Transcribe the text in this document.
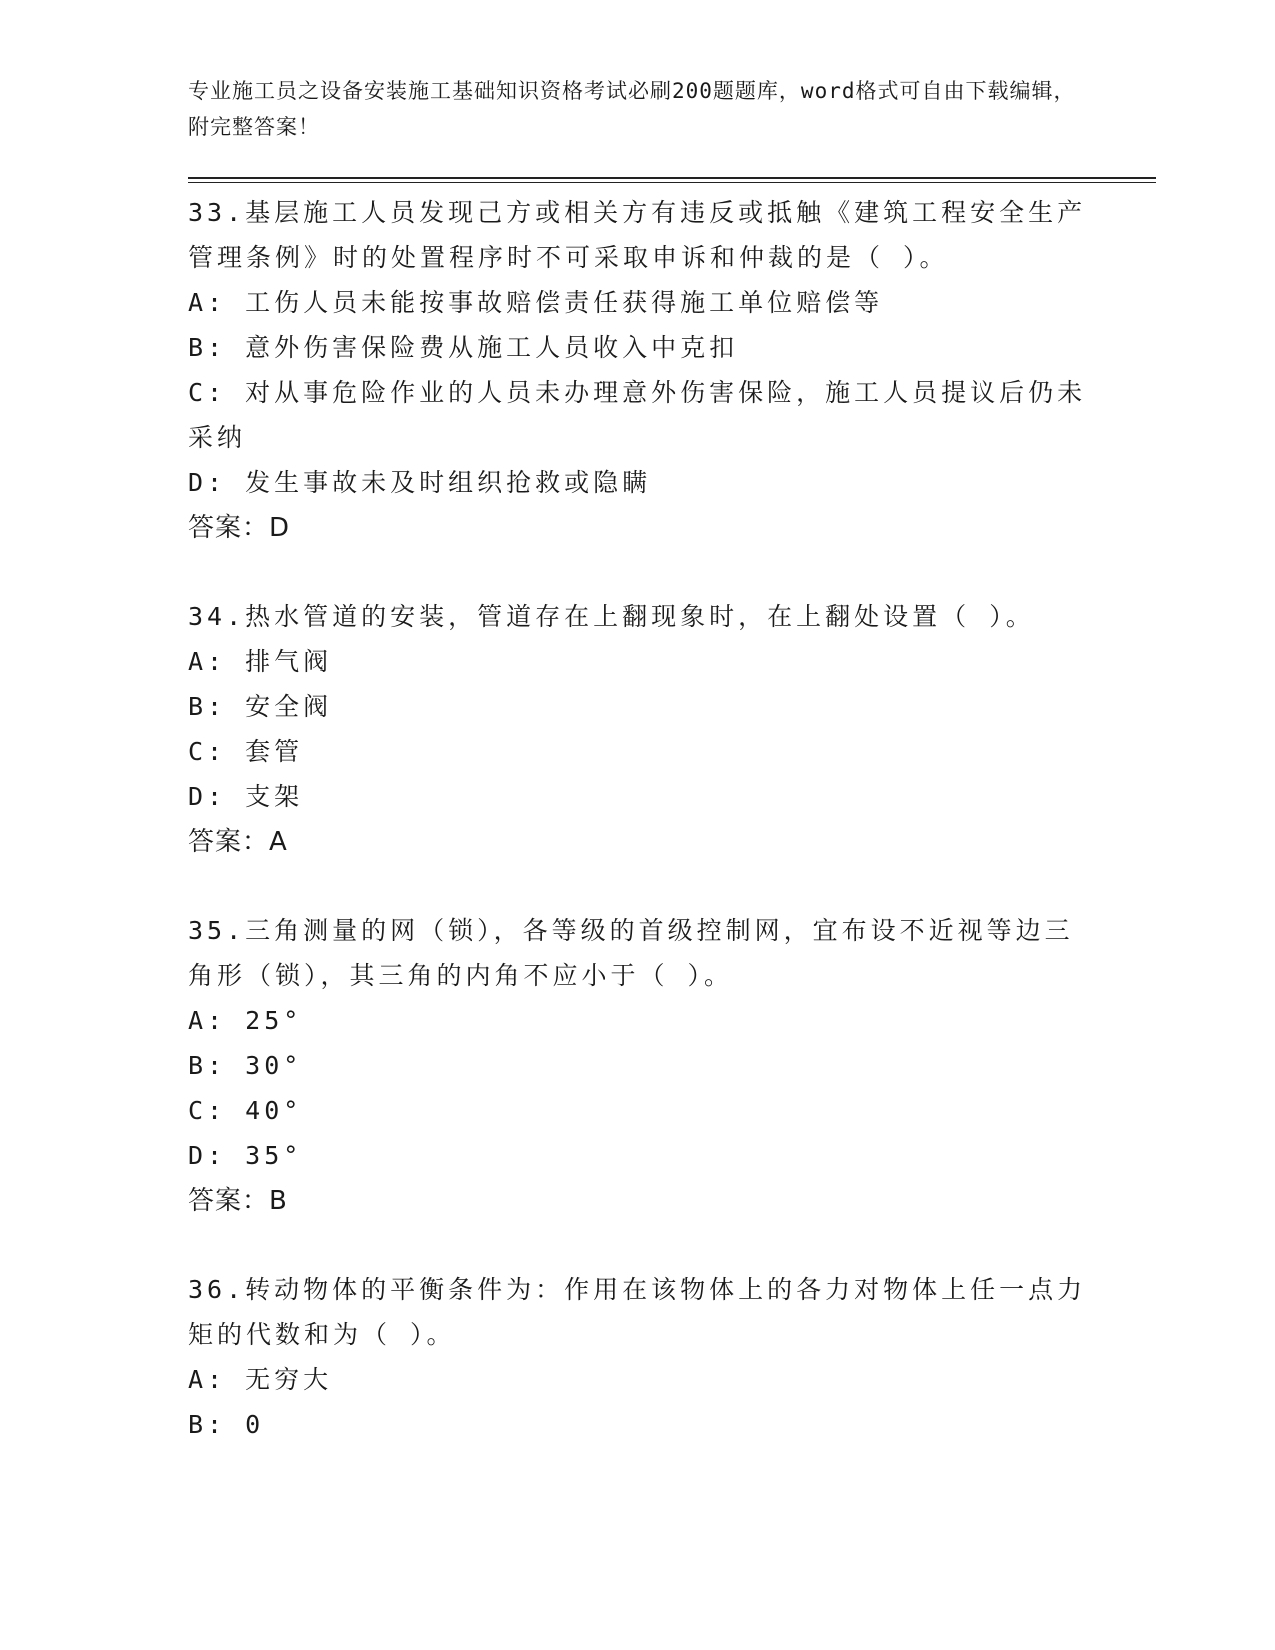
专业施工员之设备安装施工基础知识资格考试必刷200题题库，word格式可自由下载编辑，附完整答案！
33.基层施工人员发现己方或相关方有违反或抵触《建筑工程安全生产管理条例》时的处置程序时不可采取申诉和仲裁的是（ ）。
A: 工伤人员未能按事故赔偿责任获得施工单位赔偿等
B: 意外伤害保险费从施工人员收入中克扣
C: 对从事危险作业的人员未办理意外伤害保险，施工人员提议后仍未采纳
D: 发生事故未及时组织抢救或隐瞒
答案：D
34.热水管道的安装，管道存在上翻现象时，在上翻处设置（ ）。
A: 排气阀
B: 安全阀
C: 套管
D: 支架
答案：A
35.三角测量的网（锁），各等级的首级控制网，宜布设不近视等边三角形（锁），其三角的内角不应小于（ ）。
A: 25°
B: 30°
C: 40°
D: 35°
答案：B
36.转动物体的平衡条件为：作用在该物体上的各力对物体上任一点力矩的代数和为（ ）。
A: 无穷大
B: 0
